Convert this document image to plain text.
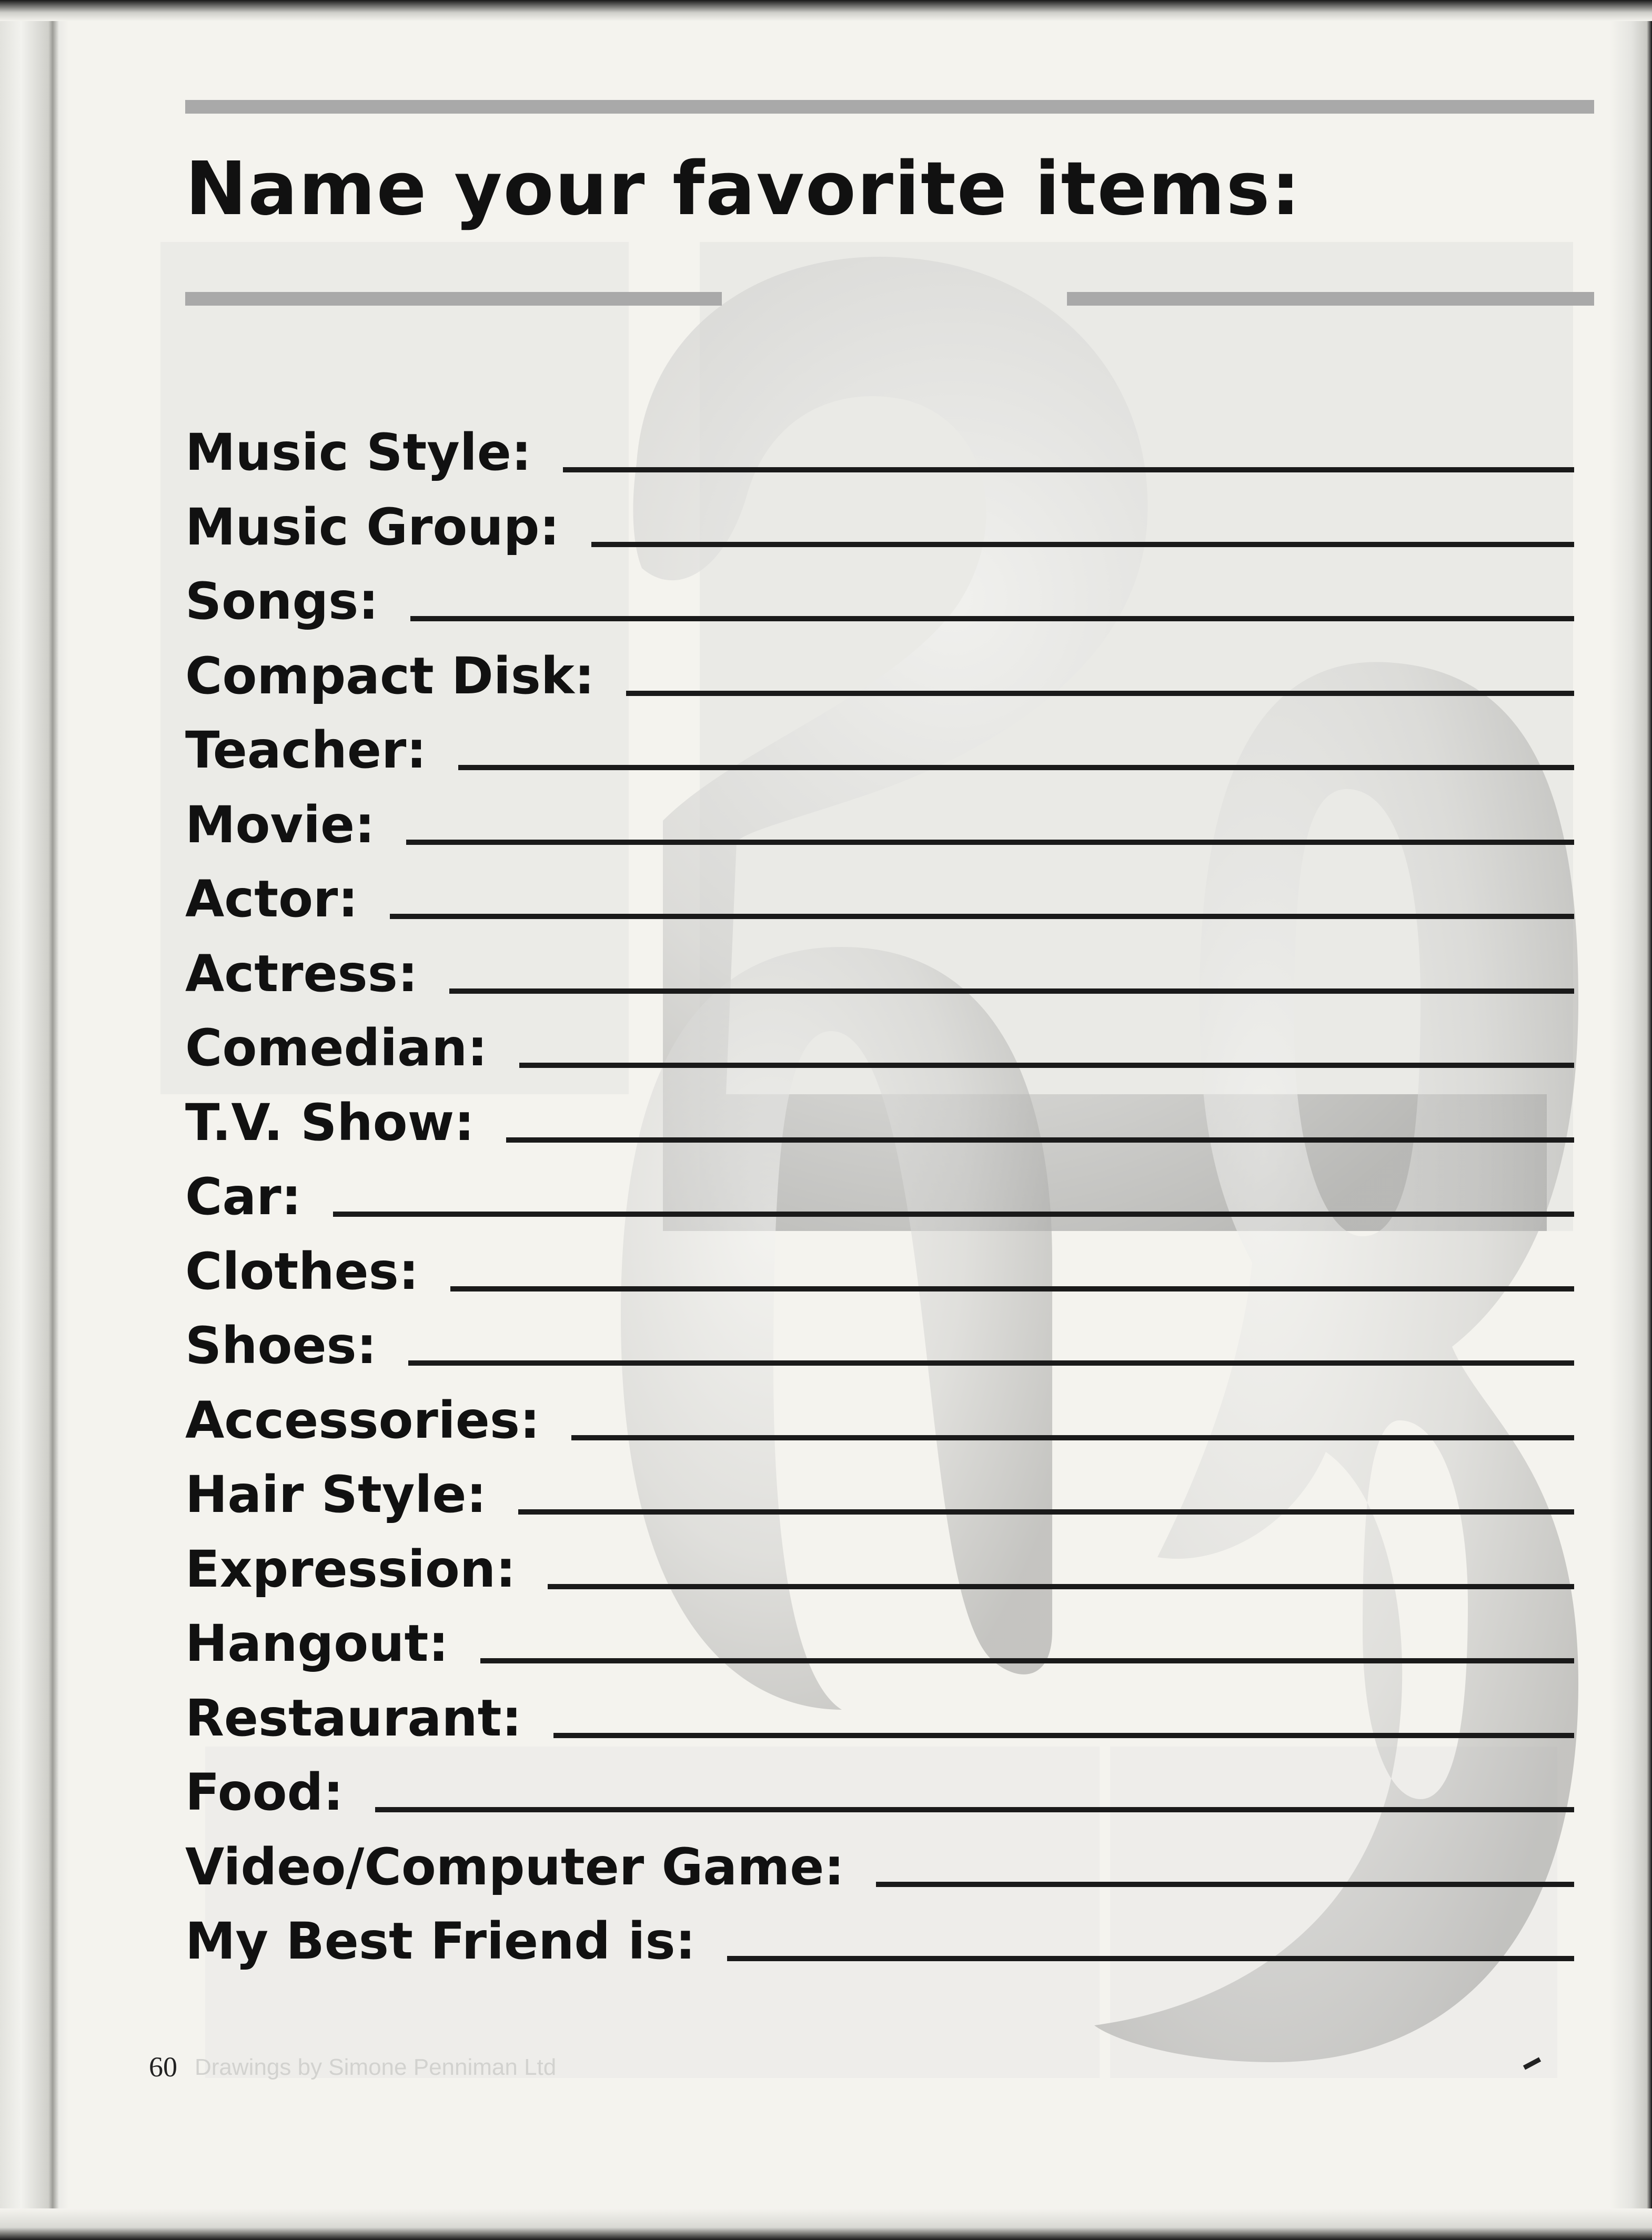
Name your favorite items:
Music Style:
Music Group:
Songs:
Compact Disk:
Teacher:
Movie:
Actor:
Actress:
Comedian:
T.V. Show:
Car:
Clothes:
Shoes:
Accessories:
Hair Style:
Expression:
Hangout:
Restaurant:
Food:
Video/Computer Game:
My Best Friend is:
60 Drawings by Simone Penniman Ltd
